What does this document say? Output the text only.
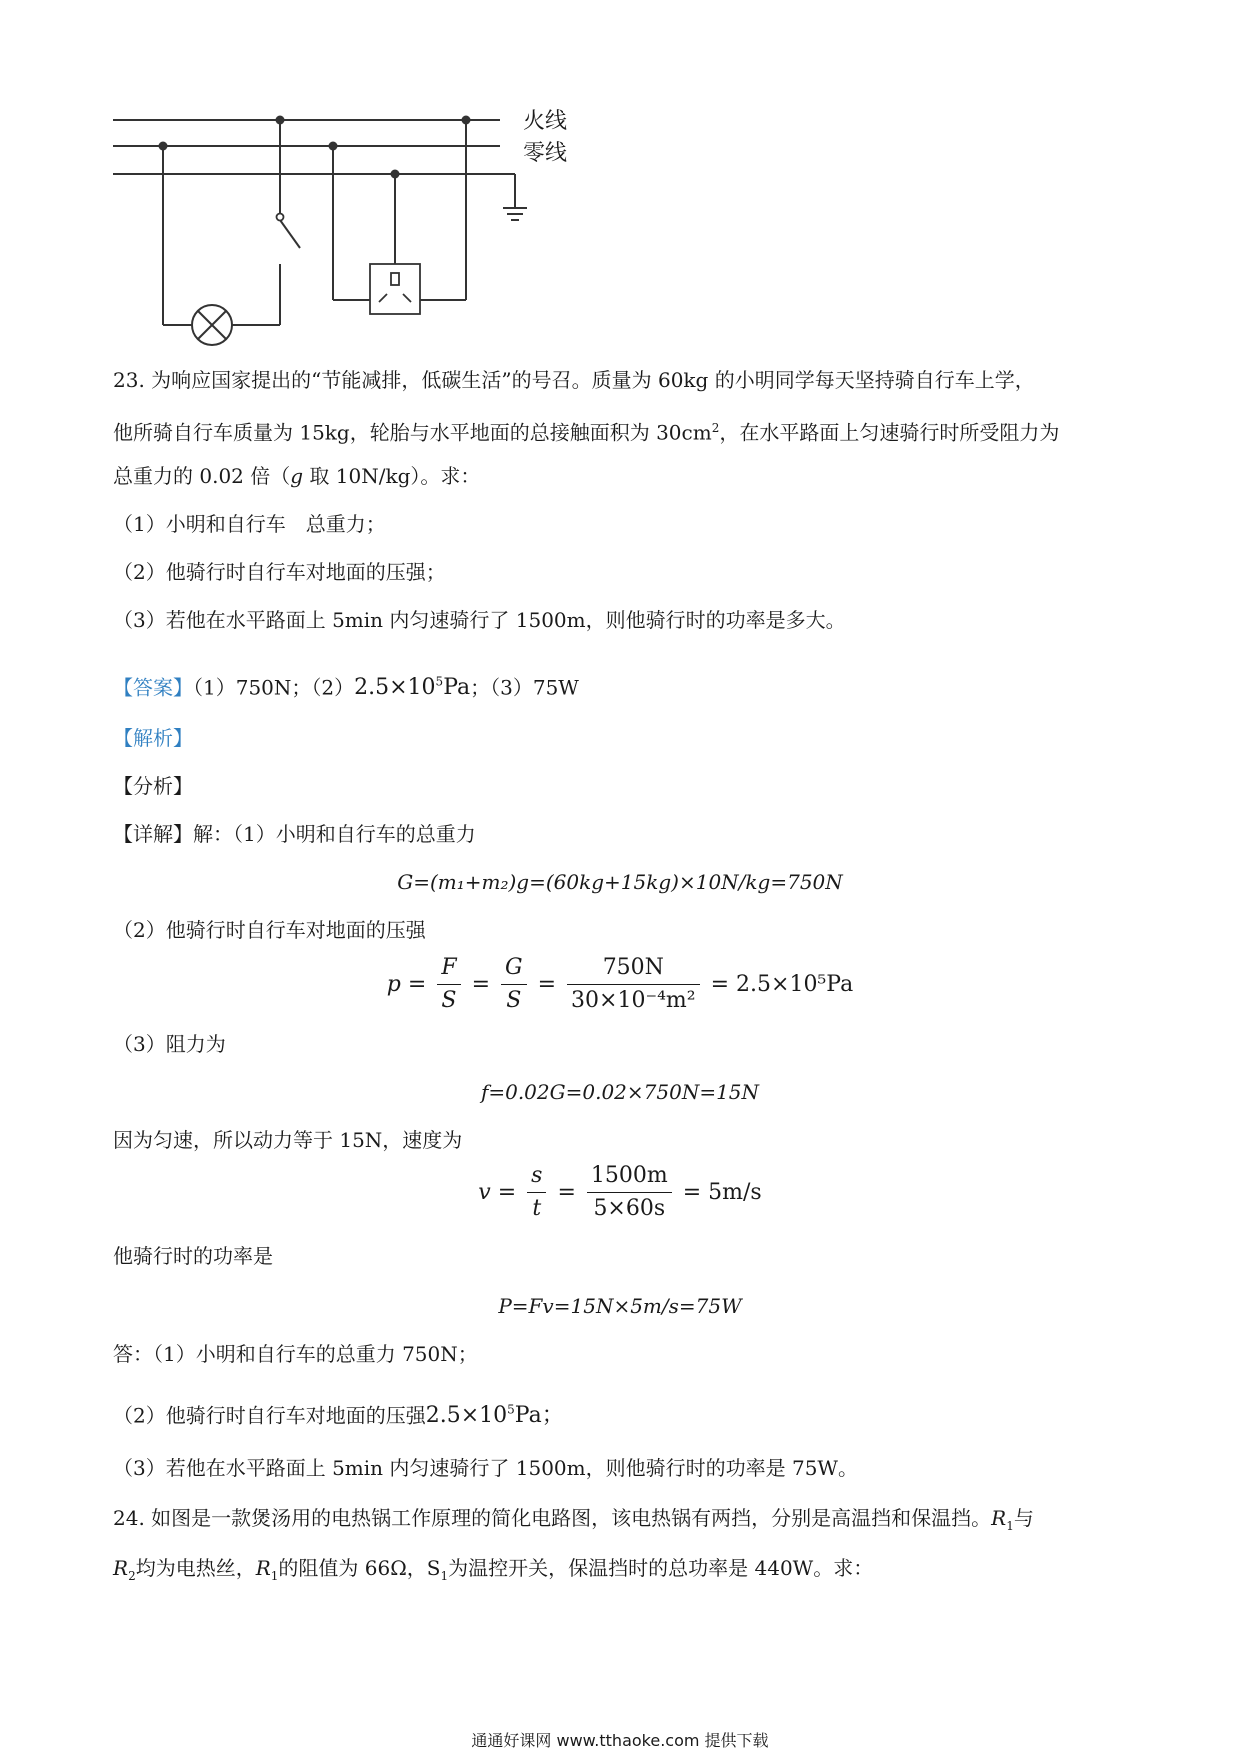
火线
零线
23. 为响应国家提出的“节能减排，低碳生活”的号召。质量为 60kg 的小明同学每天坚持骑自行车上学，
他所骑自行车质量为 15kg，轮胎与水平地面的总接触面积为 $30cm^2$，在水平路面上匀速骑行时所受阻力为
总重力的 0.02 倍（g 取 10N/kg）。求：
（1）小明和自行车　总重力；
（2）他骑行时自行车对地面的压强；
（3）若他在水平路面上 5min 内匀速骑行了 1500m，则他骑行时的功率是多大。
【答案】（1）750N；$(2)2.5\times 10^5Pa$；（3）75W
【解析】
【分析】
【详解】解：（1）小明和自行车的总重力
G=(m₁+m₂)g=(60kg+15kg)×10N/kg=750N
（2）他骑行时自行车对地面的压强
$p = \frac{F}{S} = \frac{G}{S} = \frac{750N}{\text{30×10⁻⁴m²}} = 2.5\times 10^5Pa$
（3）阻力为
f=0.02G=0.02×750N=15N
因为匀速，所以动力等于 15N，速度为
$v = \frac{s}{t} = \frac{1500m}{5\times 60s} = 5m/s$
他骑行时的功率是
P=Fv=15N×5m/s=75W
答：（1）小明和自行车的总重力 750N；
（2）他骑行时自行车对地面的压强$2.5\times 10^5Pa$；
（3）若他在水平路面上 5min 内匀速骑行了 1500m，则他骑行时的功率是 75W。
24. 如图是一款煲汤用的电热锅工作原理的简化电路图，该电热锅有两挡，分别是高温挡和保温挡。$R_1$与
$R_2$均为电热丝，$R_1$的阻值为 66Ω，$S_1$为温控开关，保温挡时的总功率是 440W。求：
通通好课网 www.tthaoke.com 提供下载
